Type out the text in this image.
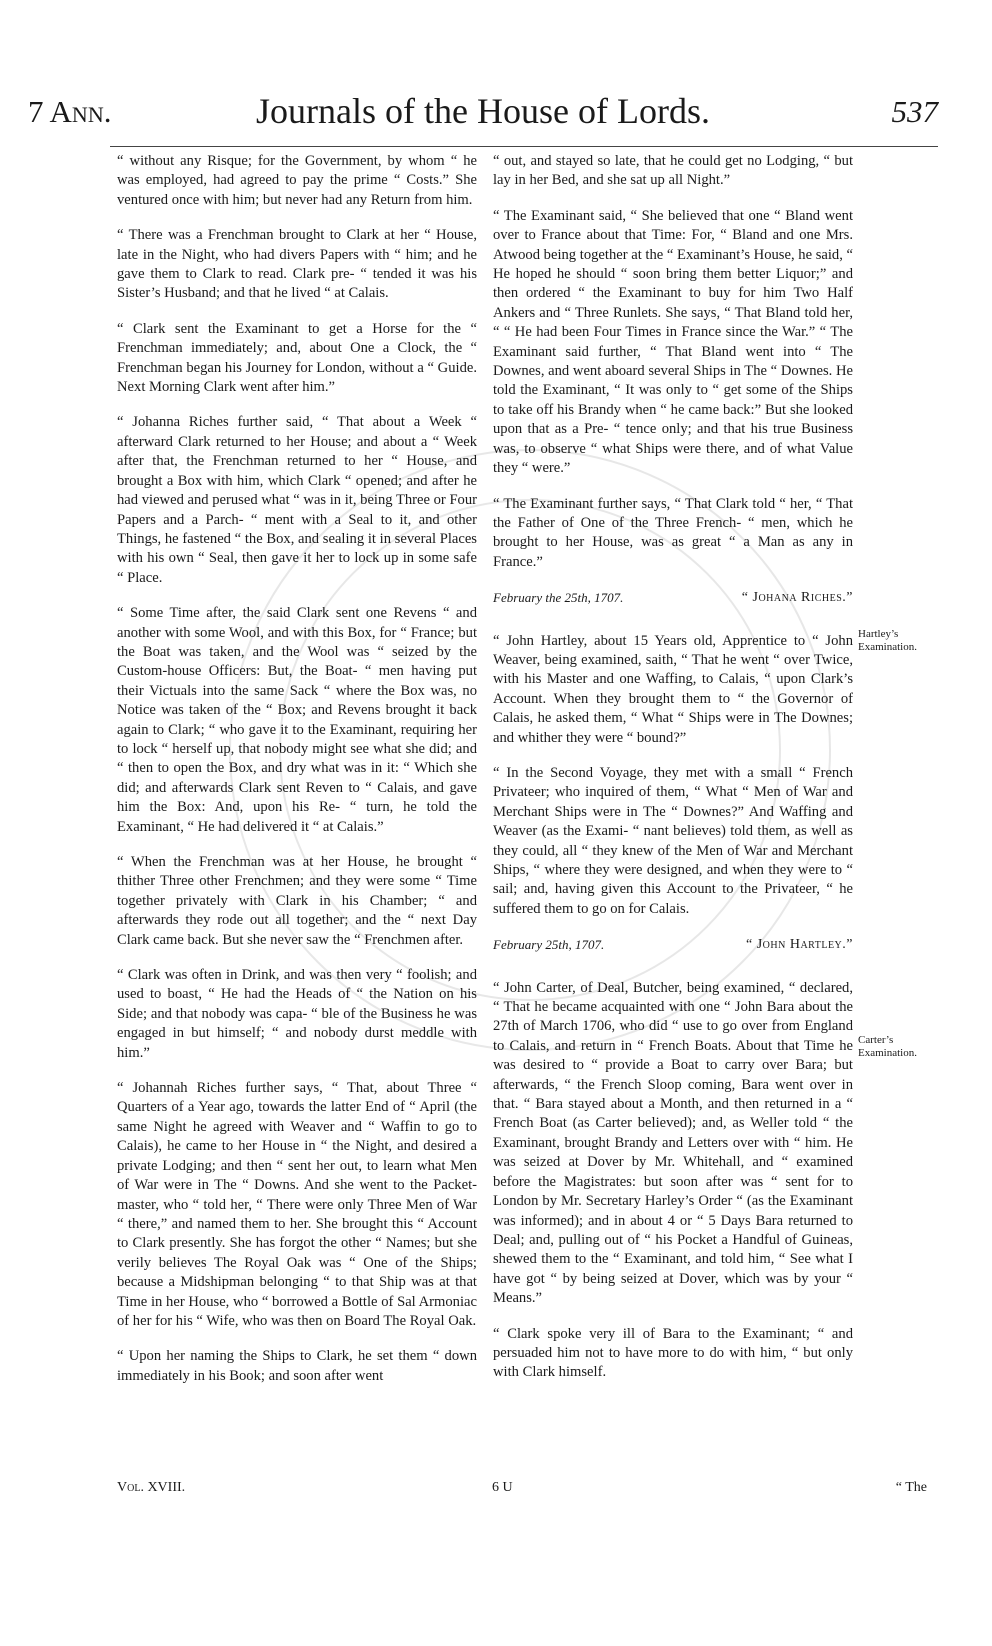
7 Ann.	Journals of the House of Lords.	537

“ without any Risque; for the Government, by whom “ he was employed, had agreed to pay the prime “ Costs.” She ventured once with him; but never had any Return from him.

“ There was a Frenchman brought to Clark at her “ House, late in the Night, who had divers Papers with “ him; and he gave them to Clark to read. Clark pre- “ tended it was his Sister’s Husband; and that he lived “ at Calais.

“ Clark sent the Examinant to get a Horse for the “ Frenchman immediately; and, about One a Clock, the “ Frenchman began his Journey for London, without a “ Guide. Next Morning Clark went after him.”

“ Johanna Riches further said, “ That about a Week “ afterward Clark returned to her House; and about a “ Week after that, the Frenchman returned to her “ House, and brought a Box with him, which Clark “ opened; and after he had viewed and perused what “ was in it, being Three or Four Papers and a Parch- “ ment with a Seal to it, and other Things, he fastened “ the Box, and sealing it in several Places with his own “ Seal, then gave it her to lock up in some safe “ Place.

“ Some Time after, the said Clark sent one Revens “ and another with some Wool, and with this Box, for “ France; but the Boat was taken, and the Wool was “ seized by the Custom-house Officers: But, the Boat- “ men having put their Victuals into the same Sack “ where the Box was, no Notice was taken of the “ Box; and Revens brought it back again to Clark; “ who gave it to the Examinant, requiring her to lock “ herself up, that nobody might see what she did; and “ then to open the Box, and dry what was in it: “ Which she did; and afterwards Clark sent Reven to “ Calais, and gave him the Box: And, upon his Re- “ turn, he told the Examinant, “ He had delivered it “ at Calais.”

“ When the Frenchman was at her House, he brought “ thither Three other Frenchmen; and they were some “ Time together privately with Clark in his Chamber; “ and afterwards they rode out all together; and the “ next Day Clark came back. But she never saw the “ Frenchmen after.

“ Clark was often in Drink, and was then very “ foolish; and used to boast, “ He had the Heads of “ the Nation on his Side; and that nobody was capa- “ ble of the Business he was engaged in but himself; “ and nobody durst meddle with him.”

“ Johannah Riches further says, “ That, about Three “ Quarters of a Year ago, towards the latter End of “ April (the same Night he agreed with Weaver and “ Waffin to go to Calais), he came to her House in “ the Night, and desired a private Lodging; and then “ sent her out, to learn what Men of War were in The “ Downs. And she went to the Packet-master, who “ told her, “ There were only Three Men of War “ there,” and named them to her. She brought this “ Account to Clark presently. She has forgot the other “ Names; but she verily believes The Royal Oak was “ One of the Ships; because a Midshipman belonging “ to that Ship was at that Time in her House, who “ borrowed a Bottle of Sal Armoniac of her for his “ Wife, who was then on Board The Royal Oak.

“ Upon her naming the Ships to Clark, he set them “ down immediately in his Book; and soon after went

“ out, and stayed so late, that he could get no Lodging, “ but lay in her Bed, and she sat up all Night.”

“ The Examinant said, “ She believed that one “ Bland went over to France about that Time: For, “ Bland and one Mrs. Atwood being together at the “ Examinant’s House, he said, “ He hoped he should “ soon bring them better Liquor;” and then ordered “ the Examinant to buy for him Two Half Ankers and “ Three Runlets. She says, “ That Bland told her, “ “ He had been Four Times in France since the War.” “ The Examinant said further, “ That Bland went into “ The Downes, and went aboard several Ships in The “ Downes. He told the Examinant, “ It was only to “ get some of the Ships to take off his Brandy when “ he came back:” But she looked upon that as a Pre- “ tence only; and that his true Business was, to observe “ what Ships were there, and of what Value they “ were.”

“ The Examinant further says, “ That Clark told “ her, “ That the Father of One of the Three French- “ men, which he brought to her House, was as great “ a Man as any in France.”

February the 25th, 1707.	“ Johana Riches.”

“ John Hartley, about 15 Years old, Apprentice to “ John Weaver, being examined, saith, “ That he went “ over Twice, with his Master and one Waffing, to Calais, “ upon Clark’s Account. When they brought them to “ the Governor of Calais, he asked them, “ What “ Ships were in The Downes; and whither they were “ bound?”

“ In the Second Voyage, they met with a small “ French Privateer; who inquired of them, “ What “ Men of War and Merchant Ships were in The “ Downes?” And Waffing and Weaver (as the Exami- “ nant believes) told them, as well as they could, all “ they knew of the Men of War and Merchant Ships, “ where they were designed, and when they were to “ sail; and, having given this Account to the Privateer, “ he suffered them to go on for Calais.

February 25th, 1707.	“ John Hartley.”

“ John Carter, of Deal, Butcher, being examined, “ declared, “ That he became acquainted with one “ John Bara about the 27th of March 1706, who did “ use to go over from England to Calais, and return in “ French Boats. About that Time he was desired to “ provide a Boat to carry over Bara; but afterwards, “ the French Sloop coming, Bara went over in that. “ Bara stayed about a Month, and then returned in a “ French Boat (as Carter believed); and, as Weller told “ the Examinant, brought Brandy and Letters over with “ him. He was seized at Dover by Mr. Whitehall, and “ examined before the Magistrates: but soon after was “ sent for to London by Mr. Secretary Harley’s Order “ (as the Examinant was informed); and in about 4 or “ 5 Days Bara returned to Deal; and, pulling out of “ his Pocket a Handful of Guineas, shewed them to the “ Examinant, and told him, “ See what I have got “ by being seized at Dover, which was by your “ Means.”

“ Clark spoke very ill of Bara to the Examinant; “ and persuaded him not to have more to do with him, “ but only with Clark himself.

Hartley’s Examination.
Carter’s Examination.
Vol. XVIII.	6 U	“ The
